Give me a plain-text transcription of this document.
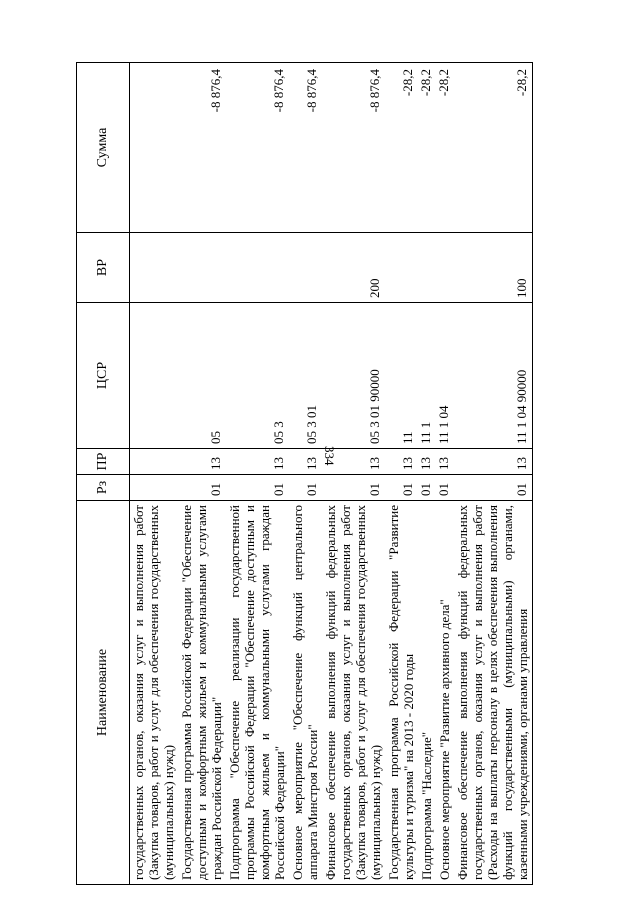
334
Наименование	Рз	ПР	ЦСР	ВР	Сумма
государственных органов, оказания услуг и выполнения работ (Закупка товаров, работ и услуг для обеспечения государственных (муниципальных) нужд)					
Государственная программа Российской Федерации "Обеспечение доступным и комфортным жильем и коммунальными услугами граждан Российской Федерации"	01	13	05		-8 876,4
Подпрограмма "Обеспечение реализации государственной программы Российской Федерации "Обеспечение доступным и комфортным жильем и коммунальными услугами граждан Российской Федерации"	01	13	05 3		-8 876,4
Основное мероприятие "Обеспечение функций центрального аппарата Минстроя России"	01	13	05 3 01		-8 876,4
Финансовое обеспечение выполнения функций федеральных государственных органов, оказания услуг и выполнения работ (Закупка товаров, работ и услуг для обеспечения государственных (муниципальных) нужд)	01	13	05 3 01 90000	200	-8 876,4
Государственная программа Российской Федерации "Развитие культуры и туризма" на 2013 - 2020 годы	01	13	11		-28,2
Подпрограмма "Наследие"	01	13	11 1		-28,2
Основное мероприятие "Развитие архивного дела"	01	13	11 1 04		-28,2
Финансовое обеспечение выполнения функций федеральных государственных органов, оказания услуг и выполнения работ (Расходы на выплаты персоналу в целях обеспечения выполнения функций государственными (муниципальными) органами, казенными учреждениями, органами управления	01	13	11 1 04 90000	100	-28,2
